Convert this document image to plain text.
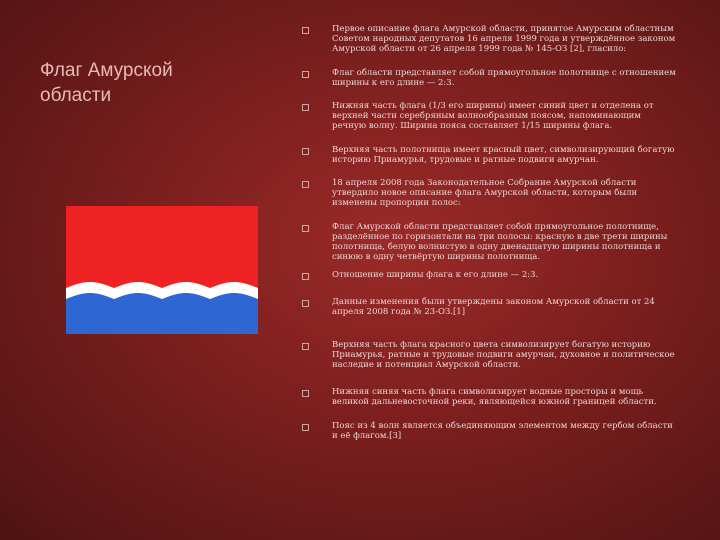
Флаг Амурской области
Первое описание флага Амурской области, принятое Амурским областным Советом народных депутатов 16 апреля 1999 года и утверждённое законом Амурской области от 26 апреля 1999 года № 145-ОЗ [2], гласило:
Флаг области представляет собой прямоугольное полотнище с отношением ширины к его длине — 2:3.
Нижняя часть флага (1/3 его ширины) имеет синий цвет и отделена от верхней части серебряным волнообразным поясом, напоминающим речную волну. Ширина пояса составляет 1/15 ширины флага.
Верхняя часть полотнища имеет красный цвет, символизирующий богатую историю Приамурья, трудовые и ратные подвиги амурчан.
18 апреля 2008 года Законодательное Собрание Амурской области утвердило новое описание флага Амурской области, которым были изменены пропорции полос:
Флаг Амурской области представляет собой прямоугольное полотнище, разделённое по горизонтали на три полосы: красную в две трети ширины полотнища, белую волнистую в одну двенадцатую ширины полотнища и синюю в одну четвёртую ширины полотнища.
Отношение ширины флага к его длине — 2:3.
Данные изменения были утверждены законом Амурской области от 24 апреля 2008 года № 23-ОЗ.[1]
Верхняя часть флага красного цвета символизирует богатую историю Приамурья, ратные и трудовые подвиги амурчан, духовное и политическое наследие и потенциал Амурской области.
Нижняя синяя часть флага символизирует водные просторы и мощь великой дальневосточной реки, являющейся южной границей области.
Пояс из 4 волн является объединяющим элементом между гербом области и её флагом.[3]
